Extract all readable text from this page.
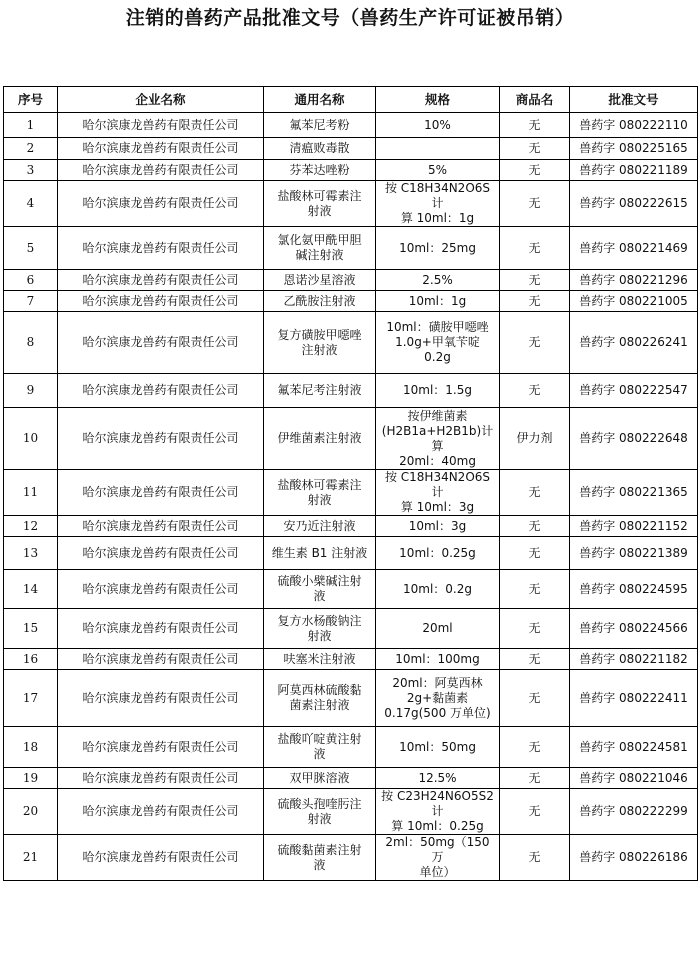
注销的兽药产品批准文号（兽药生产许可证被吊销）
序号	企业名称	通用名称	规格	商品名	批准文号
1	哈尔滨康龙兽药有限责任公司	氟苯尼考粉	10%	无	兽药字 080222110
2	哈尔滨康龙兽药有限责任公司	清瘟败毒散		无	兽药字 080225165
3	哈尔滨康龙兽药有限责任公司	芬苯达唑粉	5%	无	兽药字 080221189
4	哈尔滨康龙兽药有限责任公司	盐酸林可霉素注
射液	按 C18H34N2O6S 计
算 10ml：1g	无	兽药字 080222615
5	哈尔滨康龙兽药有限责任公司	氯化氨甲酰甲胆
碱注射液	10ml：25mg	无	兽药字 080221469
6	哈尔滨康龙兽药有限责任公司	恩诺沙星溶液	2.5%	无	兽药字 080221296
7	哈尔滨康龙兽药有限责任公司	乙酰胺注射液	10ml：1g	无	兽药字 080221005
8	哈尔滨康龙兽药有限责任公司	复方磺胺甲噁唑
注射液	10ml：磺胺甲噁唑
1.0g+甲氧苄啶
0.2g	无	兽药字 080226241
9	哈尔滨康龙兽药有限责任公司	氟苯尼考注射液	10ml：1.5g	无	兽药字 080222547
10	哈尔滨康龙兽药有限责任公司	伊维菌素注射液	按伊维菌素
(H2B1a+H2B1b)计算
20ml：40mg	伊力剂	兽药字 080222648
11	哈尔滨康龙兽药有限责任公司	盐酸林可霉素注
射液	按 C18H34N2O6S 计
算 10ml：3g	无	兽药字 080221365
12	哈尔滨康龙兽药有限责任公司	安乃近注射液	10ml：3g	无	兽药字 080221152
13	哈尔滨康龙兽药有限责任公司	维生素 B1 注射液	10ml：0.25g	无	兽药字 080221389
14	哈尔滨康龙兽药有限责任公司	硫酸小檗碱注射
液	10ml：0.2g	无	兽药字 080224595
15	哈尔滨康龙兽药有限责任公司	复方水杨酸钠注
射液	20ml	无	兽药字 080224566
16	哈尔滨康龙兽药有限责任公司	呋塞米注射液	10ml：100mg	无	兽药字 080221182
17	哈尔滨康龙兽药有限责任公司	阿莫西林硫酸黏
菌素注射液	20ml：阿莫西林
2g+黏菌素
0.17g(500 万单位)	无	兽药字 080222411
18	哈尔滨康龙兽药有限责任公司	盐酸吖啶黄注射
液	10ml：50mg	无	兽药字 080224581
19	哈尔滨康龙兽药有限责任公司	双甲脒溶液	12.5%	无	兽药字 080221046
20	哈尔滨康龙兽药有限责任公司	硫酸头孢喹肟注
射液	按 C23H24N6O5S2 计
算 10ml：0.25g	无	兽药字 080222299
21	哈尔滨康龙兽药有限责任公司	硫酸黏菌素注射
液	2ml：50mg（150 万
单位）	无	兽药字 080226186
